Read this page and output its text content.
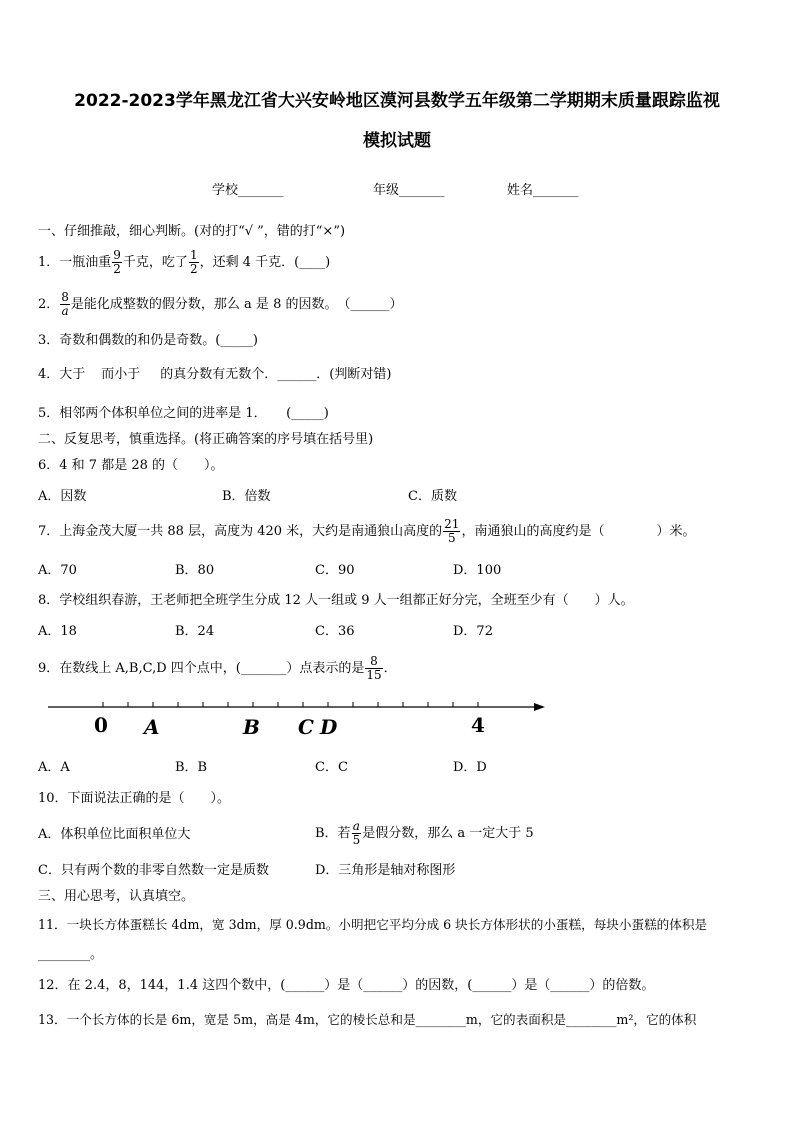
2022-2023学年黑龙江省大兴安岭地区漠河县数学五年级第二学期期末质量跟踪监视
模拟试题
学校_______	年级_______	姓名_______
一、仔细推敲，细心判断。(对的打“√ ”，错的打“×”)
1．一瓶油重 $\frac{9}{2}$ 千克，吃了 $\frac{1}{2}$ ，还剩 4 千克．(____)
2． $\frac{8}{a}$ 是能化成整数的假分数，那么 a 是 8 的因数。　（______）
3．奇数和偶数的和仍是奇数。(_____)
4．大于 而小于 的真分数有无数个．______．(判断对错)
5．相邻两个体积单位之间的进率是 1．　　(_____)
二、反复思考，慎重选择。(将正确答案的序号填在括号里)
6．4 和 7 都是 28 的（　　）。
A．因数	B．倍数	C．质数
7．上海金茂大厦一共 88 层，高度为 420 米，大约是南通狼山高度的 $\frac{21}{5}$ ，南通狼山的高度约是（　　　　）米。
A．70	B．80	C．90	D．100
8．学校组织春游，王老师把全班学生分成 12 人一组或 9 人一组都正好分完，全班至少有（　　）人。
A．18	B．24	C．36	D．72
9．在数线上 A,B,C,D 四个点中，(_______）点表示的是 $\frac{8}{15}$ ．
0 A	B C D	4
A．A	B．B	C．C	D．D
10．下面说法正确的是（　　）。
A．体积单位比面积单位大	B．若 $\frac{a}{5}$ 是假分数，那么 a 一定大于 5
C．只有两个数的非零自然数一定是质数	D．三角形是轴对称图形
三、用心思考，认真填空。
11．一块长方体蛋糕长 4dm，宽 3dm，厚 0.9dm。小明把它平均分成 6 块长方体形状的小蛋糕，每块小蛋糕的体积是
________。
12．在 2.4，8，144，1.4 这四个数中，(______）是（______）的因数，(______）是（______）的倍数。
13．一个长方体的长是 6m，宽是 5m，高是 4m，它的棱长总和是________m，它的表面积是________m²，它的体积
